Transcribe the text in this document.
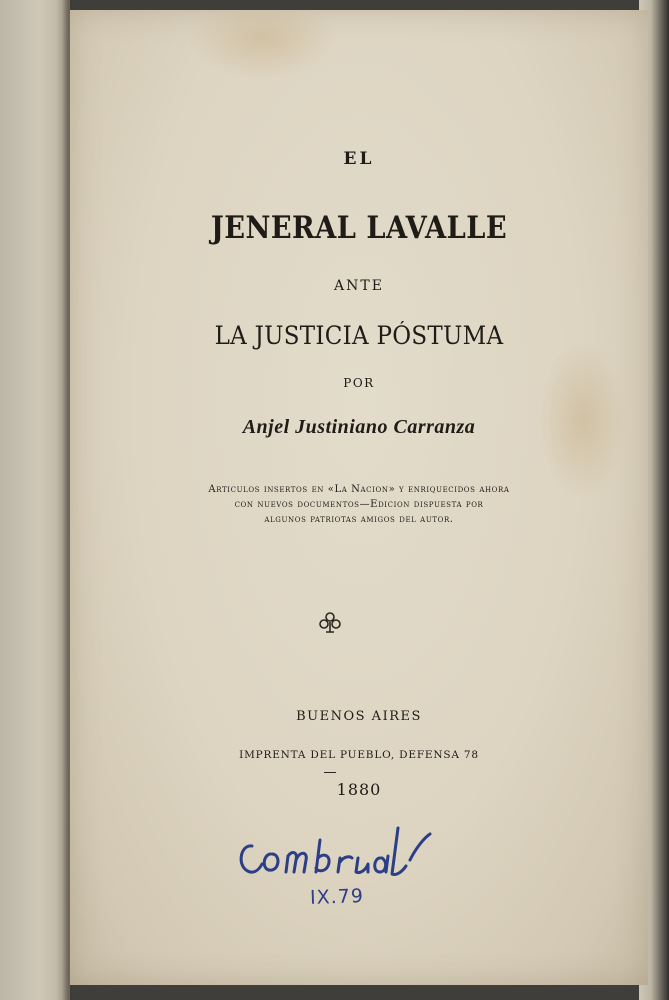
EL
JENERAL LAVALLE
ANTE
LA JUSTICIA PÓSTUMA
POR
Anjel Justiniano Carranza
Articulos insertos en «La Nacion» y enriquecidos ahora
con nuevos documentos—Edicion dispuesta por
algunos patriotas amigos del autor.
BUENOS AIRES
IMPRENTA DEL PUEBLO, DEFENSA 78
1880
IX.79
